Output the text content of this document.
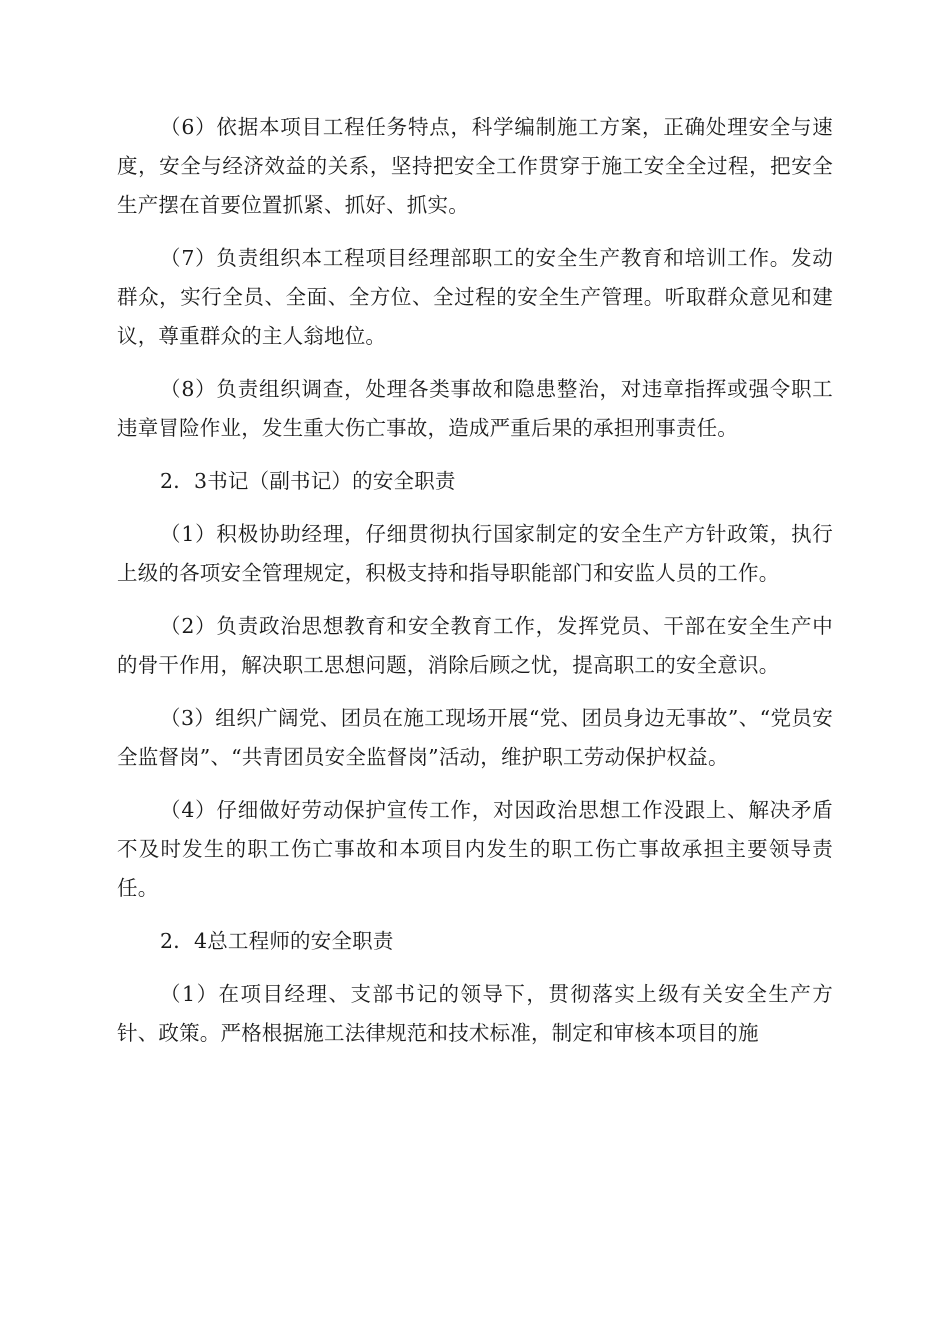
（6）依据本项目工程任务特点，科学编制施工方案，正确处理安全与速度，安全与经济效益的关系，坚持把安全工作贯穿于施工安全全过程，把安全生产摆在首要位置抓紧、抓好、抓实。

（7）负责组织本工程项目经理部职工的安全生产教育和培训工作。发动群众，实行全员、全面、全方位、全过程的安全生产管理。听取群众意见和建议，尊重群众的主人翁地位。

（8）负责组织调查，处理各类事故和隐患整治，对违章指挥或强令职工违章冒险作业，发生重大伤亡事故，造成严重后果的承担刑事责任。

2．3书记（副书记）的安全职责

（1）积极协助经理，仔细贯彻执行国家制定的安全生产方针政策，执行上级的各项安全管理规定，积极支持和指导职能部门和安监人员的工作。

（2）负责政治思想教育和安全教育工作，发挥党员、干部在安全生产中的骨干作用，解决职工思想问题，消除后顾之忧，提高职工的安全意识。

（3）组织广阔党、团员在施工现场开展“党、团员身边无事故”、“党员安全监督岗”、“共青团员安全监督岗”活动，维护职工劳动保护权益。

（4）仔细做好劳动保护宣传工作，对因政治思想工作没跟上、解决矛盾不及时发生的职工伤亡事故和本项目内发生的职工伤亡事故承担主要领导责任。

2．4总工程师的安全职责

（1）在项目经理、支部书记的领导下，贯彻落实上级有关安全生产方针、政策。严格根据施工法律规范和技术标准，制定和审核本项目的施
